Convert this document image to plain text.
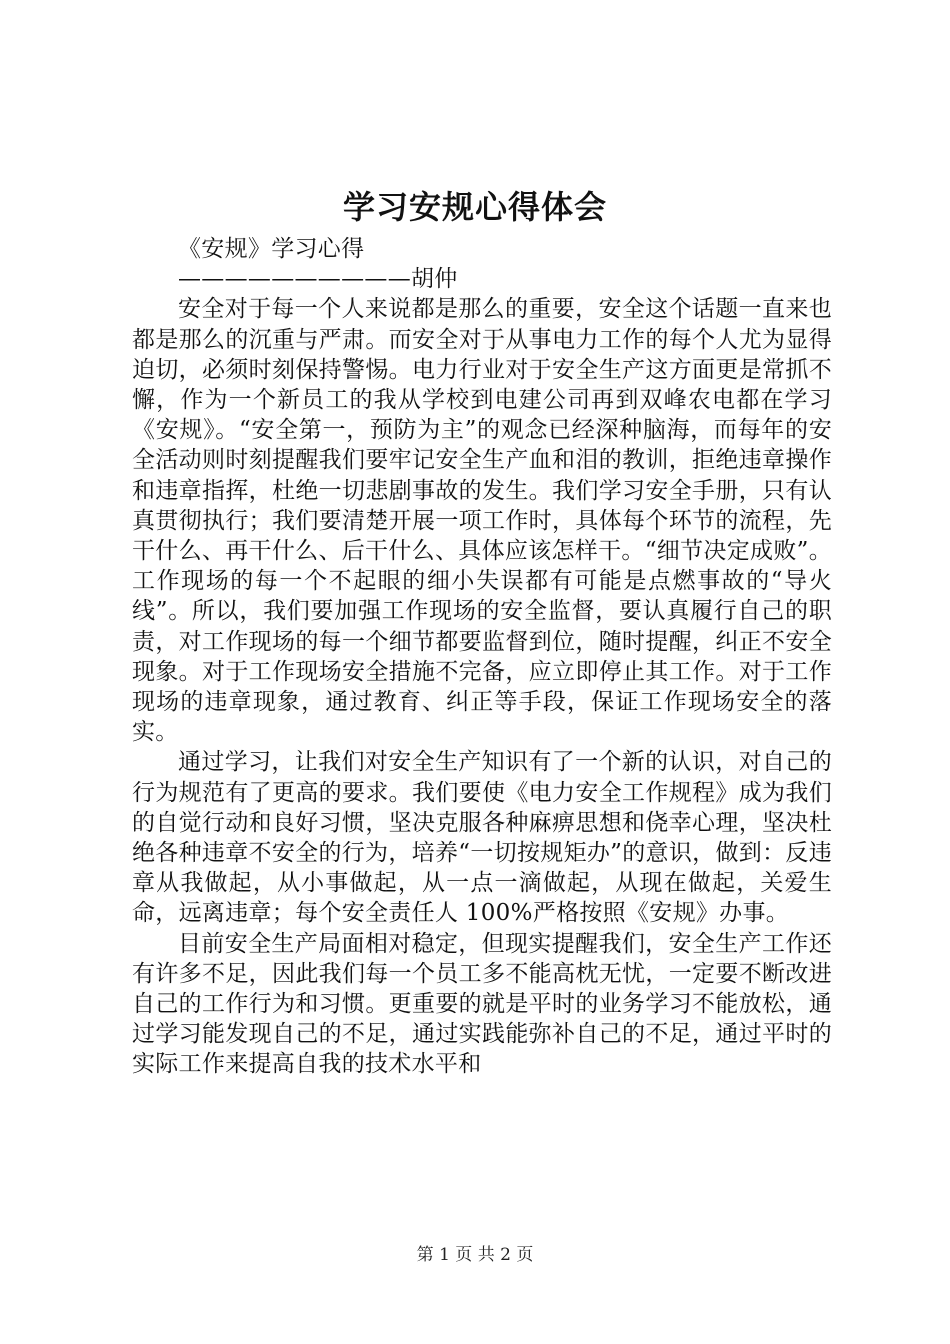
学习安规心得体会
《安规》学习心得
——————————胡仲

安全对于每一个人来说都是那么的重要，安全这个话题一直来也都是那么的沉重与严肃。而安全对于从事电力工作的每个人尤为显得迫切，必须时刻保持警惕。电力行业对于安全生产这方面更是常抓不懈，作为一个新员工的我从学校到电建公司再到双峰农电都在学习《安规》。“安全第一，预防为主”的观念已经深种脑海，而每年的安全活动则时刻提醒我们要牢记安全生产血和泪的教训，拒绝违章操作和违章指挥，杜绝一切悲剧事故的发生。我们学习安全手册，只有认真贯彻执行；我们要清楚开展一项工作时，具体每个环节的流程，先干什么、再干什么、后干什么、具体应该怎样干。“细节决定成败”。工作现场的每一个不起眼的细小失误都有可能是点燃事故的“导火线”。所以，我们要加强工作现场的安全监督，要认真履行自己的职责，对工作现场的每一个细节都要监督到位，随时提醒，纠正不安全现象。对于工作现场安全措施不完备，应立即停止其工作。对于工作现场的违章现象，通过教育、纠正等手段，保证工作现场安全的落实。

通过学习，让我们对安全生产知识有了一个新的认识，对自己的行为规范有了更高的要求。我们要使《电力安全工作规程》成为我们的自觉行动和良好习惯，坚决克服各种麻痹思想和侥幸心理，坚决杜绝各种违章不安全的行为，培养“一切按规矩办”的意识，做到：反违章从我做起，从小事做起，从一点一滴做起，从现在做起，关爱生命，远离违章；每个安全责任人 100%严格按照《安规》办事。

目前安全生产局面相对稳定，但现实提醒我们，安全生产工作还有许多不足，因此我们每一个员工多不能高枕无忧，一定要不断改进自己的工作行为和习惯。更重要的就是平时的业务学习不能放松，通过学习能发现自己的不足，通过实践能弥补自己的不足，通过平时的实际工作来提高自我的技术水平和

第 1 页 共 2 页
